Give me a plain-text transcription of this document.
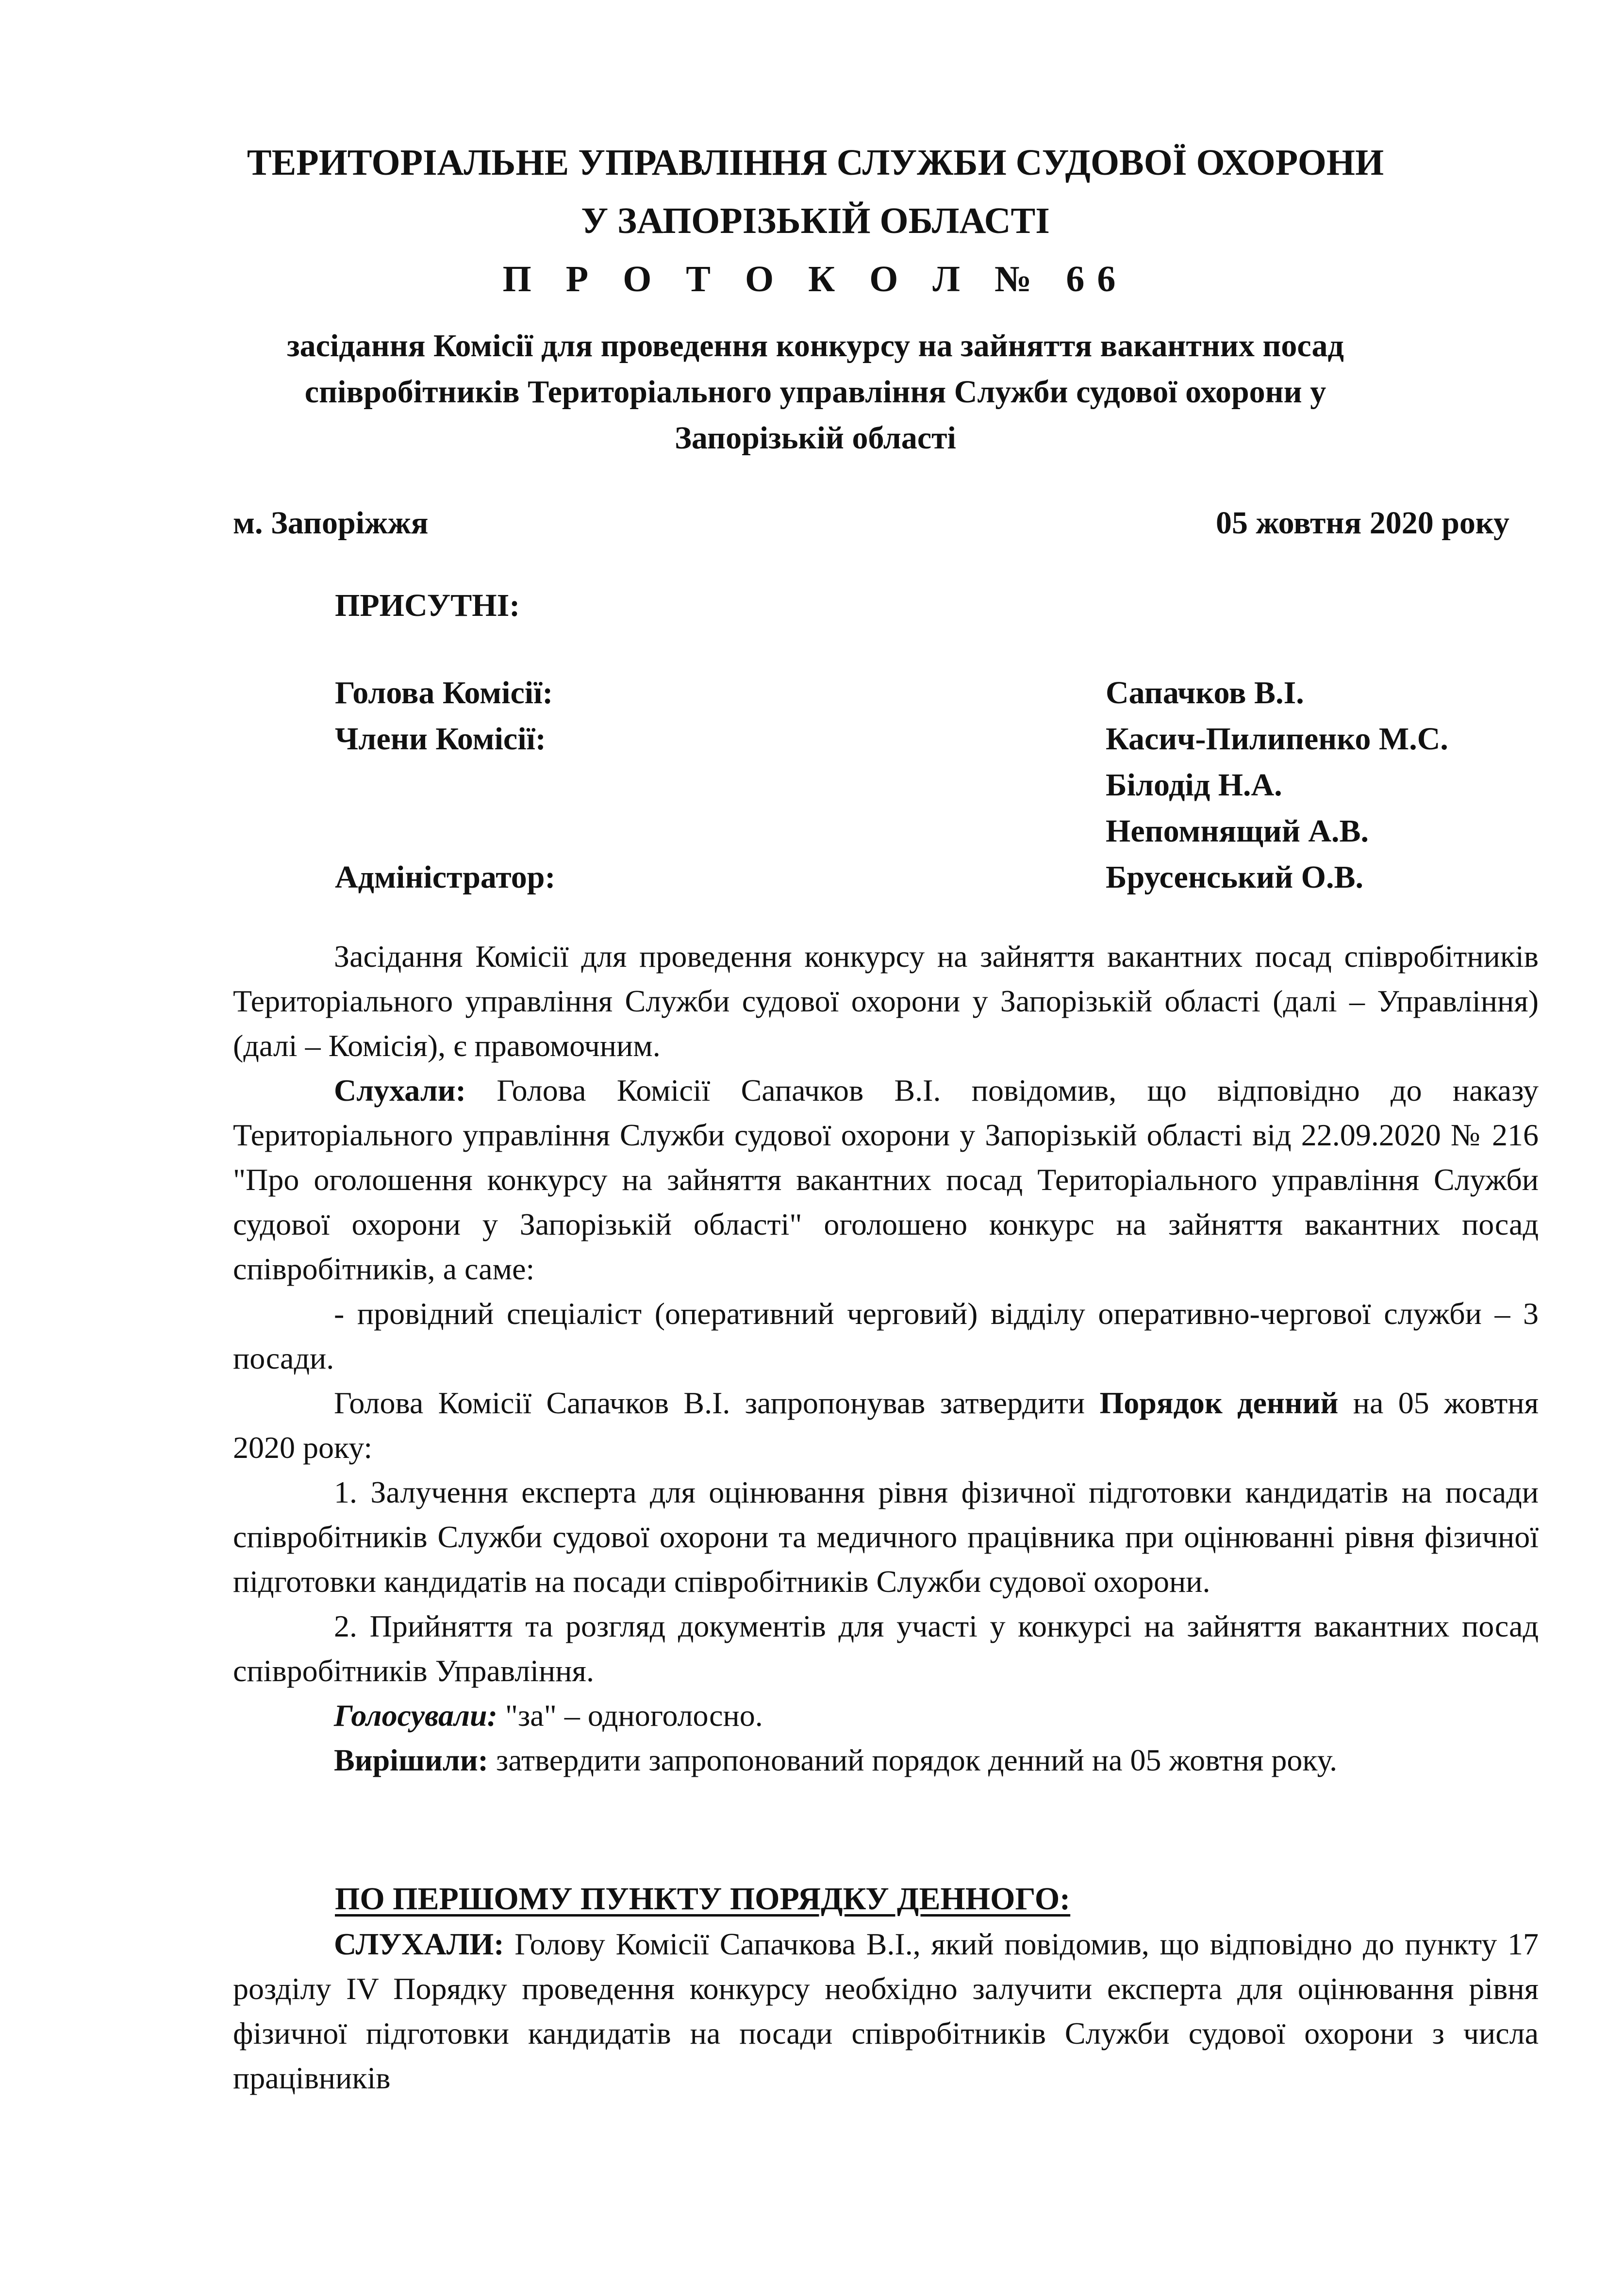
ТЕРИТОРІАЛЬНЕ УПРАВЛІННЯ СЛУЖБИ СУДОВОЇ ОХОРОНИ
У ЗАПОРІЗЬКІЙ ОБЛАСТІ
П Р О Т О К О Л № 66
засідання Комісії для проведення конкурсу на зайняття вакантних посад
співробітників Територіального управління Служби судової охорони у
Запорізькій області
м. Запоріжжя	05 жовтня 2020 року
ПРИСУТНІ:
Голова Комісії:	Сапачков В.І.
Члени Комісії:	Касич-Пилипенко М.С.
Білодід Н.А.
Непомнящий А.В.
Адміністратор:	Брусенський О.В.

Засідання Комісії для проведення конкурсу на зайняття вакантних посад співробітників Територіального управління Служби судової охорони у Запорізькій області (далі – Управління) (далі – Комісія), є правомочним.

Слухали: Голова Комісії Сапачков В.І. повідомив, що відповідно до наказу Територіального управління Служби судової охорони у Запорізькій області від 22.09.2020 № 216 "Про оголошення конкурсу на зайняття вакантних посад Територіального управління Служби судової охорони у Запорізькій області" оголошено конкурс на зайняття вакантних посад співробітників, а саме:

- провідний спеціаліст (оперативний черговий) відділу оперативно-чергової служби – 3 посади.

Голова Комісії Сапачков В.І. запропонував затвердити Порядок денний на 05 жовтня 2020 року:

1. Залучення експерта для оцінювання рівня фізичної підготовки кандидатів на посади співробітників Служби судової охорони та медичного працівника при оцінюванні рівня фізичної підготовки кандидатів на посади співробітників Служби судової охорони.

2. Прийняття та розгляд документів для участі у конкурсі на зайняття вакантних посад співробітників Управління.

Голосували: "за" – одноголосно.

Вирішили: затвердити запропонований порядок денний на 05 жовтня року.

ПО ПЕРШОМУ ПУНКТУ ПОРЯДКУ ДЕННОГО:

СЛУХАЛИ: Голову Комісії Сапачкова В.І., який повідомив, що відповідно до пункту 17 розділу IV Порядку проведення конкурсу необхідно залучити експерта для оцінювання рівня фізичної підготовки кандидатів на посади співробітників Служби судової охорони з числа працівників
